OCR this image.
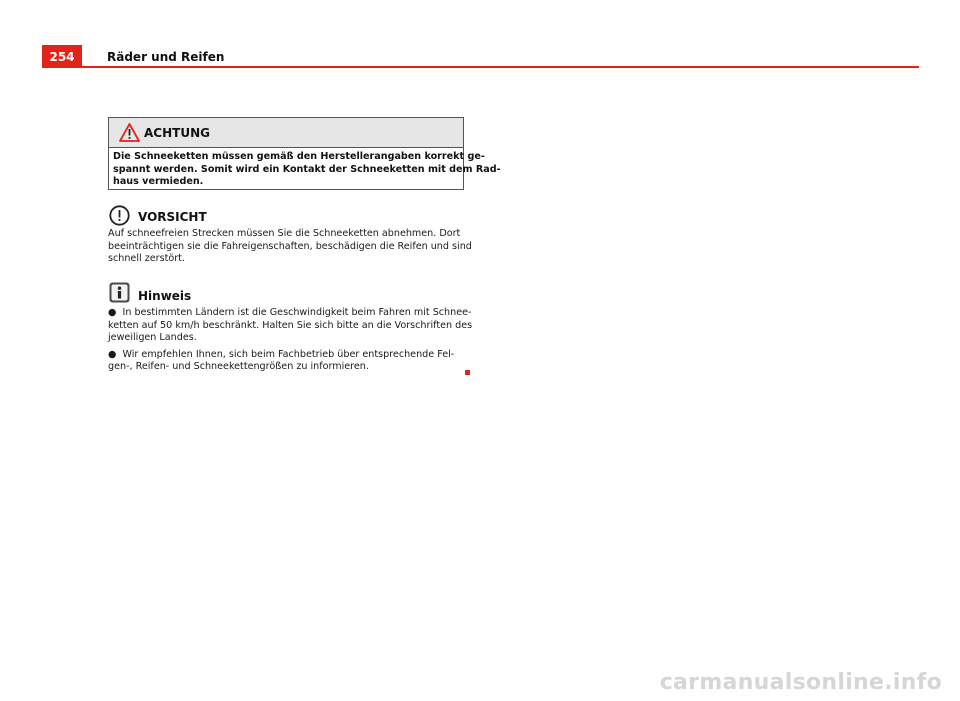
254	Räder und Reifen
ACHTUNG
Die Schneeketten müssen gemäß den Herstellerangaben korrekt ge-
spannt werden. Somit wird ein Kontakt der Schneeketten mit dem Rad-
haus vermieden.
VORSICHT
Auf schneefreien Strecken müssen Sie die Schneeketten abnehmen. Dort
beeinträchtigen sie die Fahreigenschaften, beschädigen die Reifen und sind
schnell zerstört.
Hinweis
● In bestimmten Ländern ist die Geschwindigkeit beim Fahren mit Schnee-
ketten auf 50 km/h beschränkt. Halten Sie sich bitte an die Vorschriften des
jeweiligen Landes.
● Wir empfehlen Ihnen, sich beim Fachbetrieb über entsprechende Fel-
gen-, Reifen- und Schneekettengrößen zu informieren.
carmanualsonline.info
